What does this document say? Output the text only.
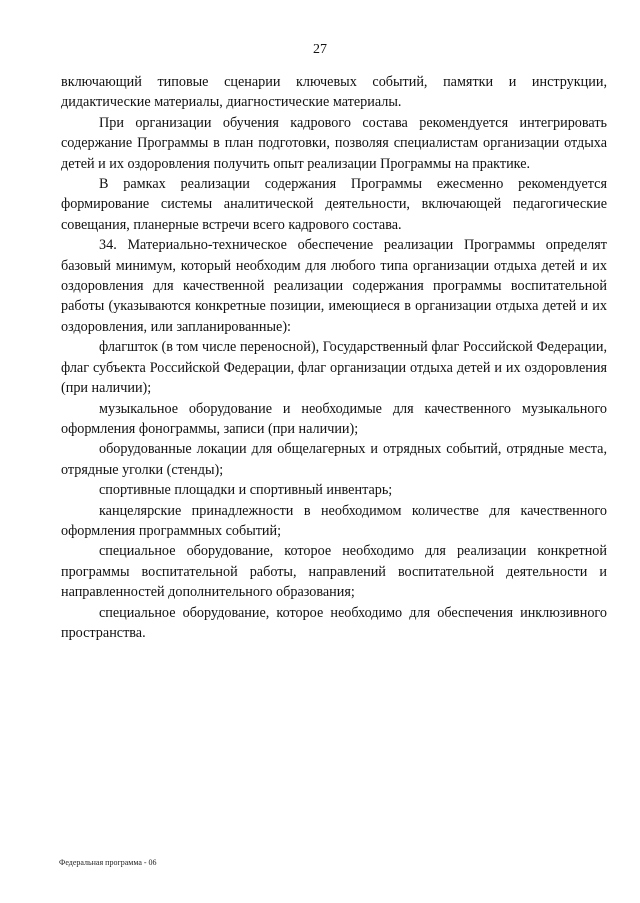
27

включающий типовые сценарии ключевых событий, памятки и инструкции, дидактические материалы, диагностические материалы.

При организации обучения кадрового состава рекомендуется интегрировать содержание Программы в план подготовки, позволяя специалистам организации отдыха детей и их оздоровления получить опыт реализации Программы на практике.

В рамках реализации содержания Программы ежесменно рекомендуется формирование системы аналитической деятельности, включающей педагогические совещания, планерные встречи всего кадрового состава.

34. Материально-техническое обеспечение реализации Программы определят базовый минимум, который необходим для любого типа организации отдыха детей и их оздоровления для качественной реализации содержания программы воспитательной работы (указываются конкретные позиции, имеющиеся в организации отдыха детей и их оздоровления, или запланированные):

флагшток (в том числе переносной), Государственный флаг Российской Федерации, флаг субъекта Российской Федерации, флаг организации отдыха детей и их оздоровления (при наличии);

музыкальное оборудование и необходимые для качественного музыкального оформления фонограммы, записи (при наличии);

оборудованные локации для общелагерных и отрядных событий, отрядные места, отрядные уголки (стенды);

спортивные площадки и спортивный инвентарь;

канцелярские принадлежности в необходимом количестве для качественного оформления программных событий;

специальное оборудование, которое необходимо для реализации конкретной программы воспитательной работы, направлений воспитательной деятельности и направленностей дополнительного образования;

специальное оборудование, которое необходимо для обеспечения инклюзивного пространства.

Федеральная программа - 06
